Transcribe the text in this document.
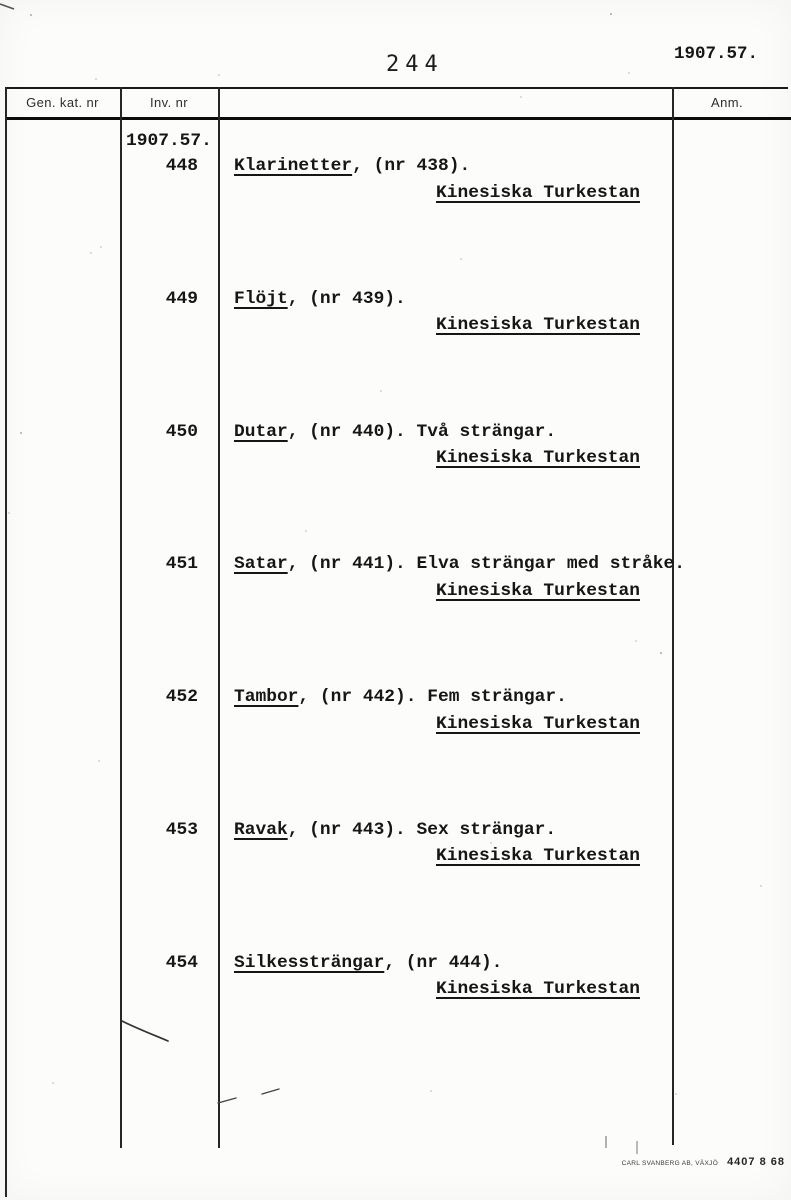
244	1907.57.
Gen. kat. nr	Inv. nr	Anm.
1907.57.
448 Klarinetter, (nr 438).
Kinesiska Turkestan
449 Flöjt, (nr 439).
Kinesiska Turkestan
450 Dutar, (nr 440). Två strängar.
Kinesiska Turkestan
451 Satar, (nr 441). Elva strängar med stråke.
Kinesiska Turkestan
452 Tambor, (nr 442). Fem strängar.
Kinesiska Turkestan
453 Ravak, (nr 443). Sex strängar.
Kinesiska Turkestan
454 Silkessträngar, (nr 444).
Kinesiska Turkestan
CARL SVANBERG AB, VÄXJÖ 4407 8 68
